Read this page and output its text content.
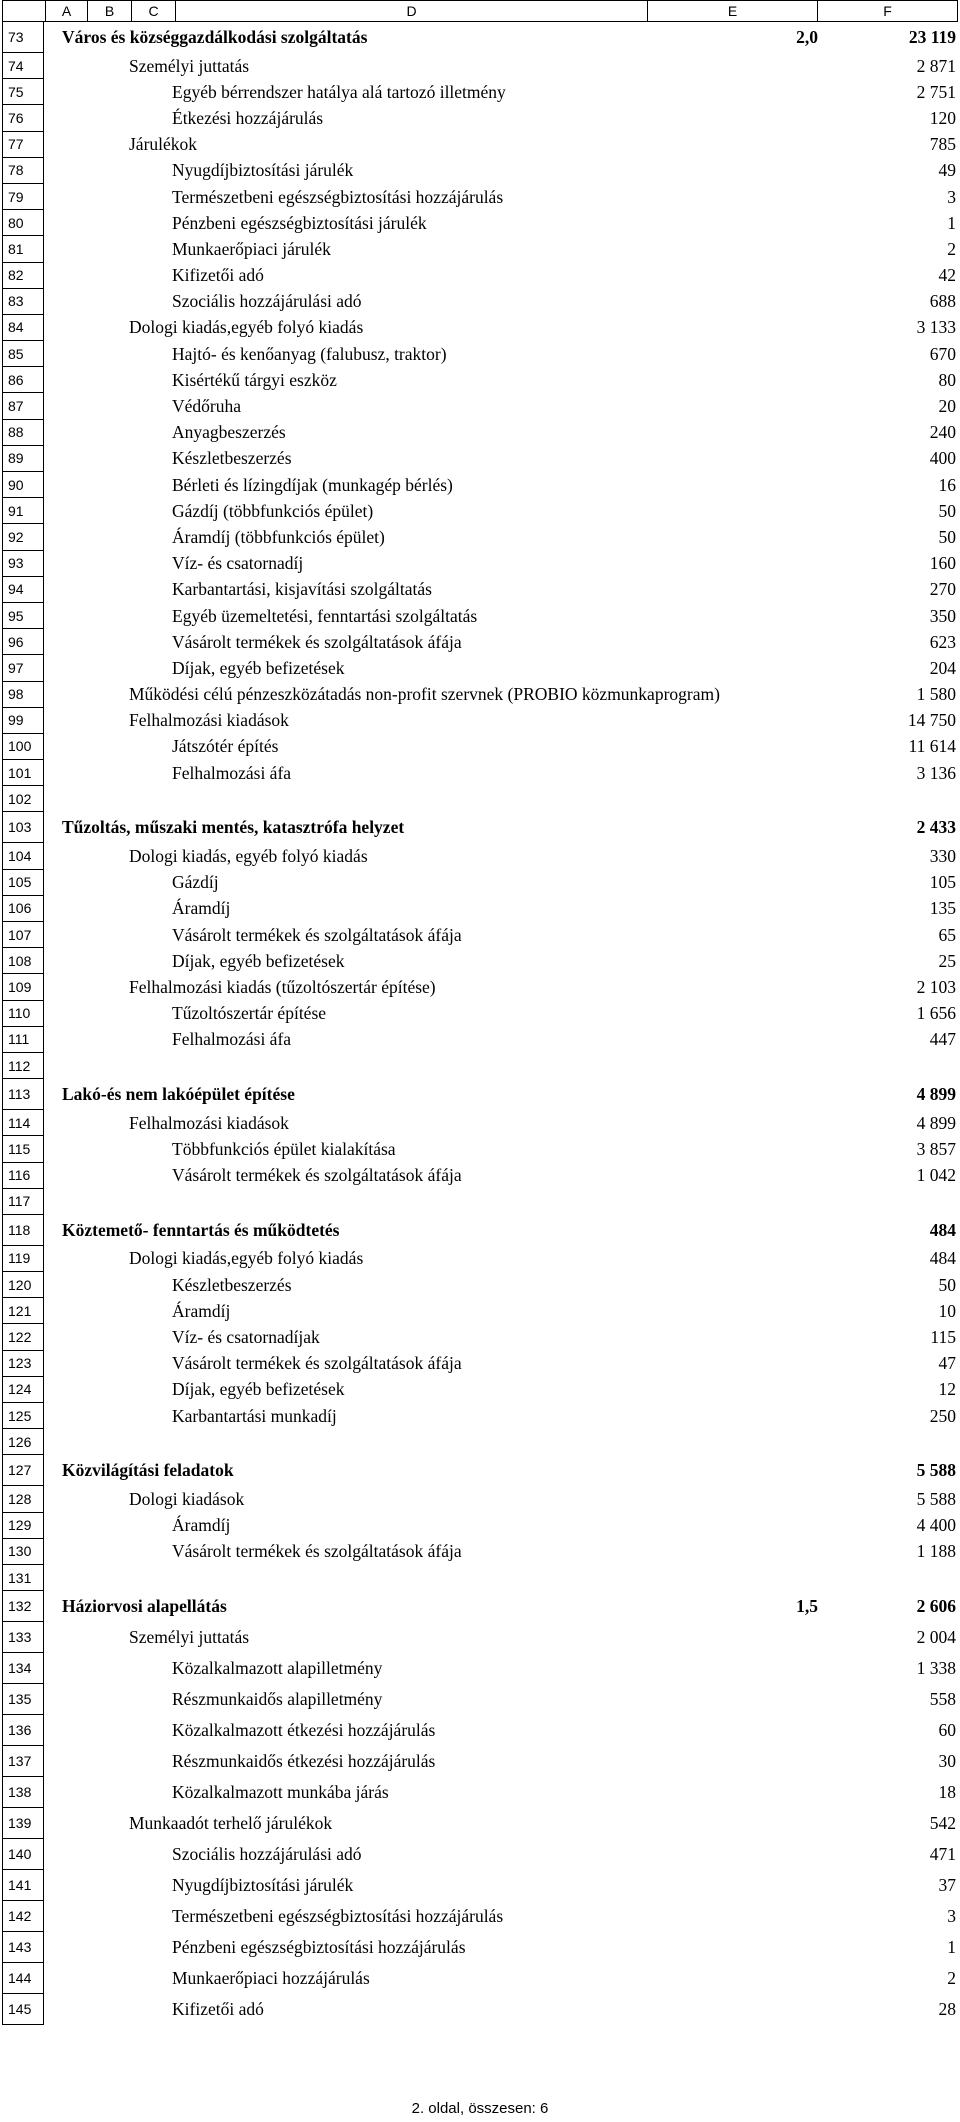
A	B	C	D	E	F
73	Város és községgazdálkodási szolgáltatás	2,0	23 119
74	Személyi juttatás	2 871
75	Egyéb bérrendszer hatálya alá tartozó illetmény	2 751
76	Étkezési hozzájárulás	120
77	Járulékok	785
78	Nyugdíjbiztosítási járulék	49
79	Természetbeni egészségbiztosítási hozzájárulás	3
80	Pénzbeni egészségbiztosítási járulék	1
81	Munkaerőpiaci járulék	2
82	Kifizetői adó	42
83	Szociális hozzájárulási adó	688
84	Dologi kiadás,egyéb folyó kiadás	3 133
85	Hajtó- és kenőanyag (falubusz, traktor)	670
86	Kisértékű tárgyi eszköz	80
87	Védőruha	20
88	Anyagbeszerzés	240
89	Készletbeszerzés	400
90	Bérleti és lízingdíjak (munkagép bérlés)	16
91	Gázdíj (többfunkciós épület)	50
92	Áramdíj (többfunkciós épület)	50
93	Víz- és csatornadíj	160
94	Karbantartási, kisjavítási szolgáltatás	270
95	Egyéb üzemeltetési, fenntartási szolgáltatás	350
96	Vásárolt termékek és szolgáltatások áfája	623
97	Díjak, egyéb befizetések	204
98	Működési célú pénzeszközátadás non-profit szervnek (PROBIO közmunkaprogram)	1 580
99	Felhalmozási kiadások	14 750
100	Játszótér építés	11 614
101	Felhalmozási áfa	3 136
102
103	Tűzoltás, műszaki mentés, katasztrófa helyzet	2 433
104	Dologi kiadás, egyéb folyó kiadás	330
105	Gázdíj	105
106	Áramdíj	135
107	Vásárolt termékek és szolgáltatások áfája	65
108	Díjak, egyéb befizetések	25
109	Felhalmozási kiadás (tűzoltószertár építése)	2 103
110	Tűzoltószertár építése	1 656
111	Felhalmozási áfa	447
112
113	Lakó-és nem lakóépület építése	4 899
114	Felhalmozási kiadások	4 899
115	Többfunkciós épület kialakítása	3 857
116	Vásárolt termékek és szolgáltatások áfája	1 042
117
118	Köztemető- fenntartás és működtetés	484
119	Dologi kiadás,egyéb folyó kiadás	484
120	Készletbeszerzés	50
121	Áramdíj	10
122	Víz- és csatornadíjak	115
123	Vásárolt termékek és szolgáltatások áfája	47
124	Díjak, egyéb befizetések	12
125	Karbantartási munkadíj	250
126
127	Közvilágítási feladatok	5 588
128	Dologi kiadások	5 588
129	Áramdíj	4 400
130	Vásárolt termékek és szolgáltatások áfája	1 188
131
132	Háziorvosi alapellátás	1,5	2 606
133	Személyi juttatás	2 004
134	Közalkalmazott alapilletmény	1 338
135	Részmunkaidős alapilletmény	558
136	Közalkalmazott étkezési hozzájárulás	60
137	Részmunkaidős étkezési hozzájárulás	30
138	Közalkalmazott munkába járás	18
139	Munkaadót terhelő járulékok	542
140	Szociális hozzájárulási adó	471
141	Nyugdíjbiztosítási járulék	37
142	Természetbeni egészségbiztosítási hozzájárulás	3
143	Pénzbeni egészségbiztosítási hozzájárulás	1
144	Munkaerőpiaci hozzájárulás	2
145	Kifizetői adó	28
2. oldal, összesen: 6
